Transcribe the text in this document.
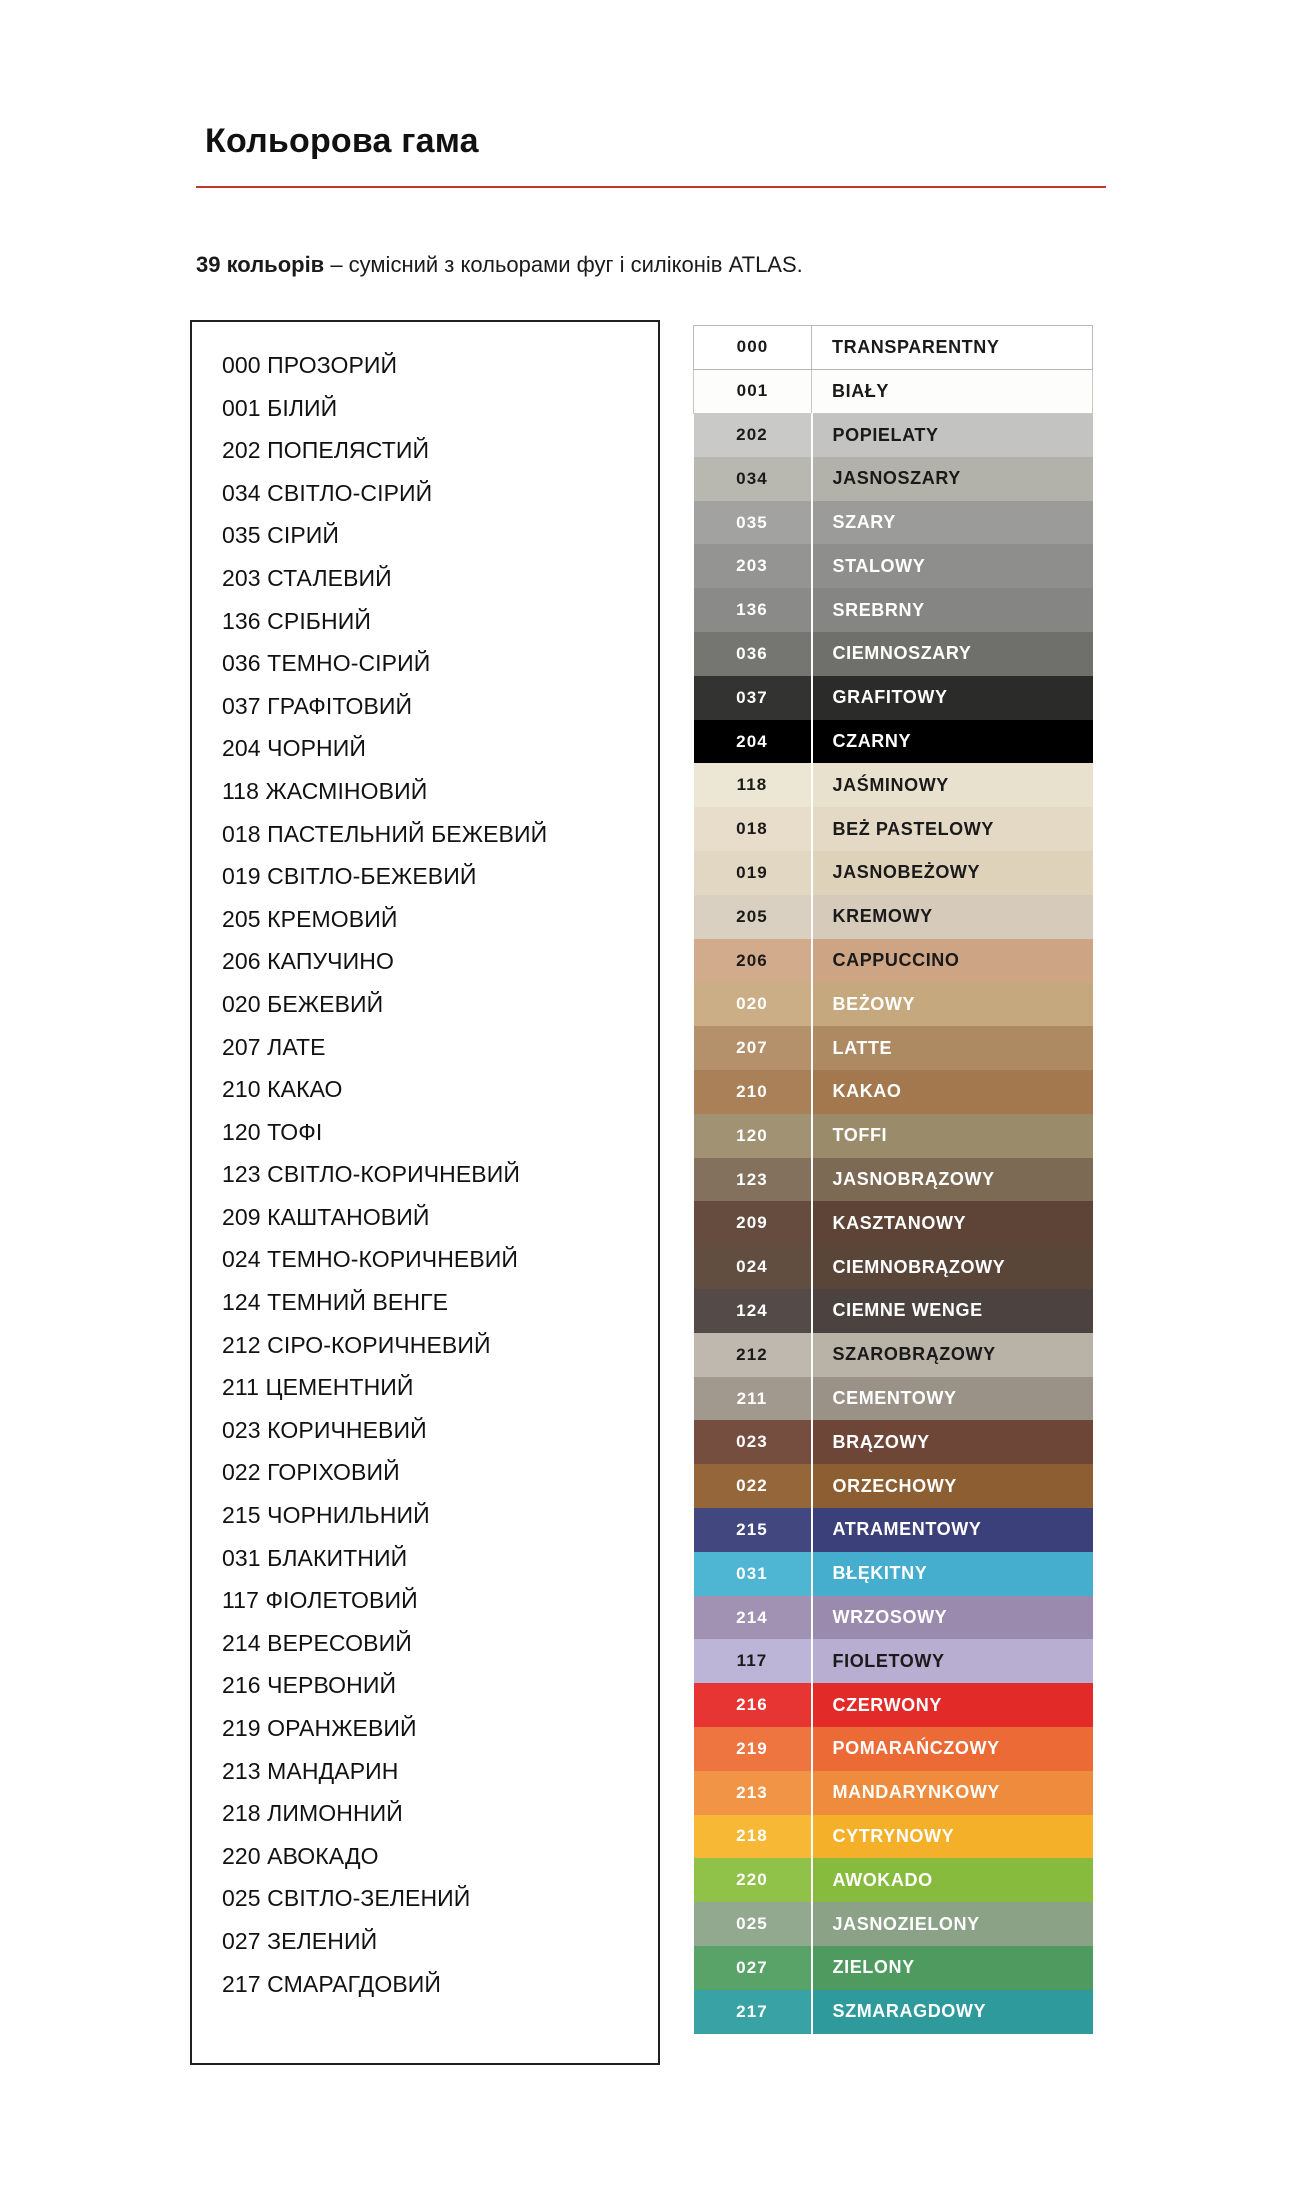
Кольорова гама
39 кольорів – сумісний з кольорами фуг і силіконів ATLAS.
000 ПРОЗОРИЙ
001 БІЛИЙ
202 ПОПЕЛЯСТИЙ
034 СВІТЛО-СІРИЙ
035 СІРИЙ
203 СТАЛЕВИЙ
136 СРІБНИЙ
036 ТЕМНО-СІРИЙ
037 ГРАФІТОВИЙ
204 ЧОРНИЙ
118 ЖАСМІНОВИЙ
018 ПАСТЕЛЬНИЙ БЕЖЕВИЙ
019 СВІТЛО-БЕЖЕВИЙ
205 КРЕМОВИЙ
206 КАПУЧИНО
020 БЕЖЕВИЙ
207 ЛАТЕ
210 КАКАО
120 ТОФІ
123 СВІТЛО-КОРИЧНЕВИЙ
209 КАШТАНОВИЙ
024 ТЕМНО-КОРИЧНЕВИЙ
124 ТЕМНИЙ ВЕНГЕ
212 СІРО-КОРИЧНЕВИЙ
211 ЦЕМЕНТНИЙ
023 КОРИЧНЕВИЙ
022 ГОРІХОВИЙ
215 ЧОРНИЛЬНИЙ
031 БЛАКИТНИЙ
117 ФІОЛЕТОВИЙ
214 ВЕРЕСОВИЙ
216 ЧЕРВОНИЙ
219 ОРАНЖЕВИЙ
213 МАНДАРИН
218 ЛИМОННИЙ
220 АВОКАДО
025 СВІТЛО-ЗЕЛЕНИЙ
027 ЗЕЛЕНИЙ
217 СМАРАГДОВИЙ
000	TRANSPARENTNY
001	BIAŁY
202	POPIELATY
034	JASNOSZARY
035	SZARY
203	STALOWY
136	SREBRNY
036	CIEMNOSZARY
037	GRAFITOWY
204	CZARNY
118	JAŚMINOWY
018	BEŻ PASTELOWY
019	JASNOBEŻOWY
205	KREMOWY
206	CAPPUCCINO
020	BEŻOWY
207	LATTE
210	KAKAO
120	TOFFI
123	JASNOBRĄZOWY
209	KASZTANOWY
024	CIEMNOBRĄZOWY
124	CIEMNE WENGE
212	SZAROBRĄZOWY
211	CEMENTOWY
023	BRĄZOWY
022	ORZECHOWY
215	ATRAMENTOWY
031	BŁĘKITNY
214	WRZOSOWY
117	FIOLETOWY
216	CZERWONY
219	POMARAŃCZOWY
213	MANDARYNKOWY
218	CYTRYNOWY
220	AWOKADO
025	JASNOZIELONY
027	ZIELONY
217	SZMARAGDOWY
